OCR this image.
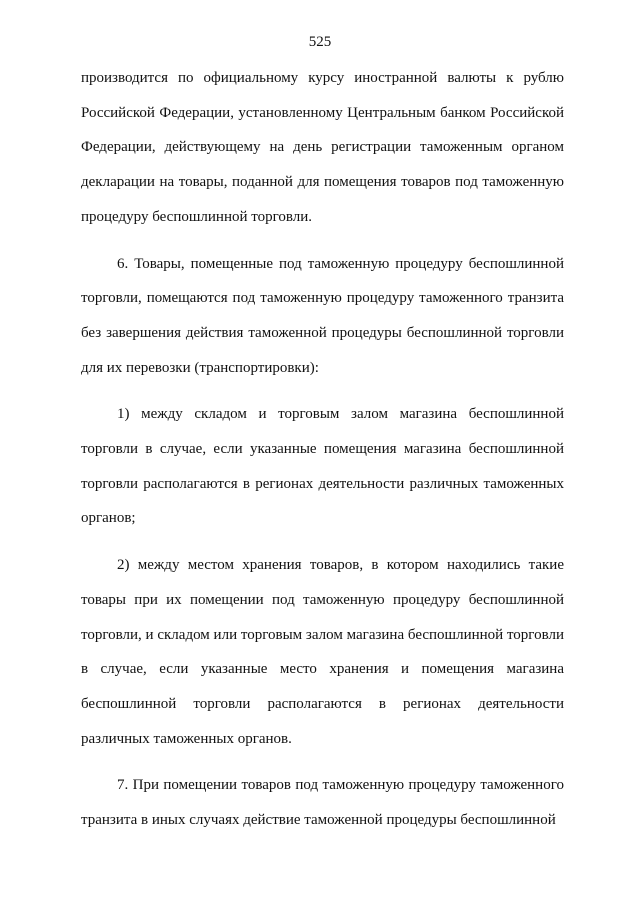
525

производится по официальному курсу иностранной валюты к рублю Российской Федерации, установленному Центральным банком Российской Федерации, действующему на день регистрации таможенным органом декларации на товары, поданной для помещения товаров под таможенную процедуру беспошлинной торговли.

6. Товары, помещенные под таможенную процедуру беспошлинной торговли, помещаются под таможенную процедуру таможенного транзита без завершения действия таможенной процедуры беспошлинной торговли для их перевозки (транспортировки):

1) между складом и торговым залом магазина беспошлинной торговли в случае, если указанные помещения магазина беспошлинной торговли располагаются в регионах деятельности различных таможенных органов;

2) между местом хранения товаров, в котором находились такие товары при их помещении под таможенную процедуру беспошлинной торговли, и складом или торговым залом магазина беспошлинной торговли в случае, если указанные место хранения и помещения магазина беспошлинной торговли располагаются в регионах деятельности различных таможенных органов.

7. При помещении товаров под таможенную процедуру таможенного транзита в иных случаях действие таможенной процедуры беспошлинной
